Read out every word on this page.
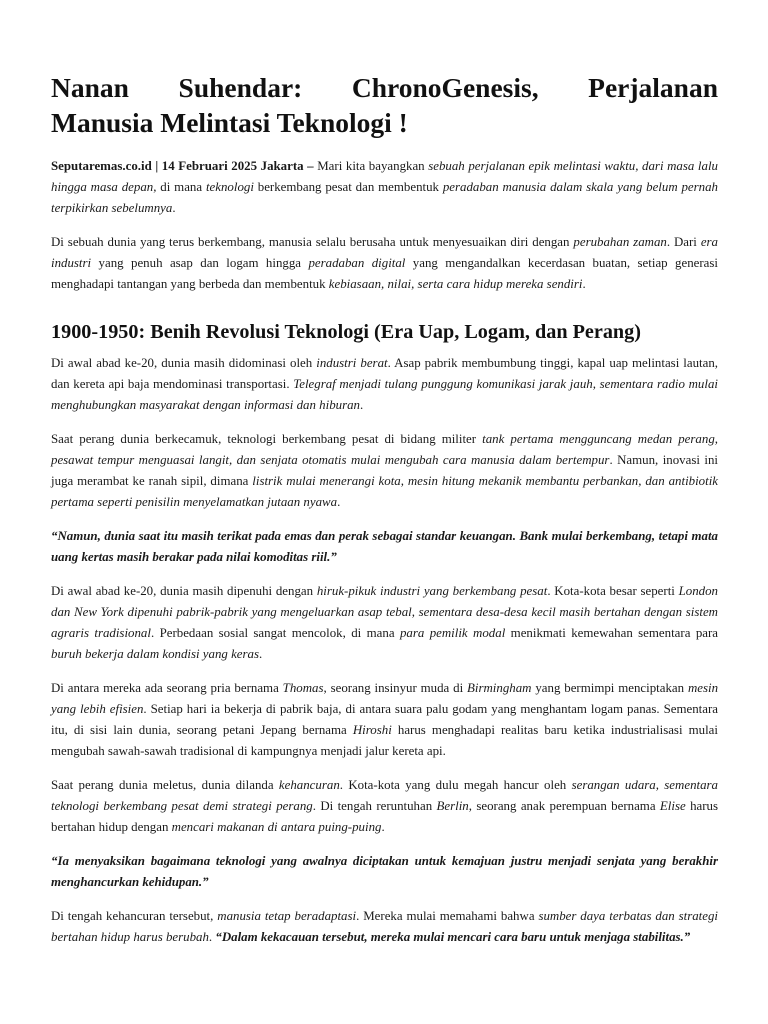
Nanan Suhendar: ChronoGenesis, Perjalanan
Manusia Melintasi Teknologi !

Seputaremas.co.id | 14 Februari 2025 Jakarta – Mari kita bayangkan sebuah perjalanan epik melintasi waktu, dari masa lalu hingga masa depan, di mana teknologi berkembang pesat dan membentuk peradaban manusia dalam skala yang belum pernah terpikirkan sebelumnya.

Di sebuah dunia yang terus berkembang, manusia selalu berusaha untuk menyesuaikan diri dengan perubahan zaman. Dari era industri yang penuh asap dan logam hingga peradaban digital yang mengandalkan kecerdasan buatan, setiap generasi menghadapi tantangan yang berbeda dan membentuk kebiasaan, nilai, serta cara hidup mereka sendiri.

1900-1950: Benih Revolusi Teknologi (Era Uap, Logam, dan Perang)

Di awal abad ke-20, dunia masih didominasi oleh industri berat. Asap pabrik membumbung tinggi, kapal uap melintasi lautan, dan kereta api baja mendominasi transportasi. Telegraf menjadi tulang punggung komunikasi jarak jauh, sementara radio mulai menghubungkan masyarakat dengan informasi dan hiburan.

Saat perang dunia berkecamuk, teknologi berkembang pesat di bidang militer tank pertama mengguncang medan perang, pesawat tempur menguasai langit, dan senjata otomatis mulai mengubah cara manusia dalam bertempur. Namun, inovasi ini juga merambat ke ranah sipil, dimana listrik mulai menerangi kota, mesin hitung mekanik membantu perbankan, dan antibiotik pertama seperti penisilin menyelamatkan jutaan nyawa.

“Namun, dunia saat itu masih terikat pada emas dan perak sebagai standar keuangan. Bank mulai berkembang, tetapi mata uang kertas masih berakar pada nilai komoditas riil.”

Di awal abad ke-20, dunia masih dipenuhi dengan hiruk-pikuk industri yang berkembang pesat. Kota-kota besar seperti London dan New York dipenuhi pabrik-pabrik yang mengeluarkan asap tebal, sementara desa-desa kecil masih bertahan dengan sistem agraris tradisional. Perbedaan sosial sangat mencolok, di mana para pemilik modal menikmati kemewahan sementara para buruh bekerja dalam kondisi yang keras.

Di antara mereka ada seorang pria bernama Thomas, seorang insinyur muda di Birmingham yang bermimpi menciptakan mesin yang lebih efisien. Setiap hari ia bekerja di pabrik baja, di antara suara palu godam yang menghantam logam panas. Sementara itu, di sisi lain dunia, seorang petani Jepang bernama Hiroshi harus menghadapi realitas baru ketika industrialisasi mulai mengubah sawah-sawah tradisional di kampungnya menjadi jalur kereta api.

Saat perang dunia meletus, dunia dilanda kehancuran. Kota-kota yang dulu megah hancur oleh serangan udara, sementara teknologi berkembang pesat demi strategi perang. Di tengah reruntuhan Berlin, seorang anak perempuan bernama Elise harus bertahan hidup dengan mencari makanan di antara puing-puing.

“Ia menyaksikan bagaimana teknologi yang awalnya diciptakan untuk kemajuan justru menjadi senjata yang berakhir menghancurkan kehidupan.”

Di tengah kehancuran tersebut, manusia tetap beradaptasi. Mereka mulai memahami bahwa sumber daya terbatas dan strategi bertahan hidup harus berubah. “Dalam kekacauan tersebut, mereka mulai mencari cara baru untuk menjaga stabilitas.”
